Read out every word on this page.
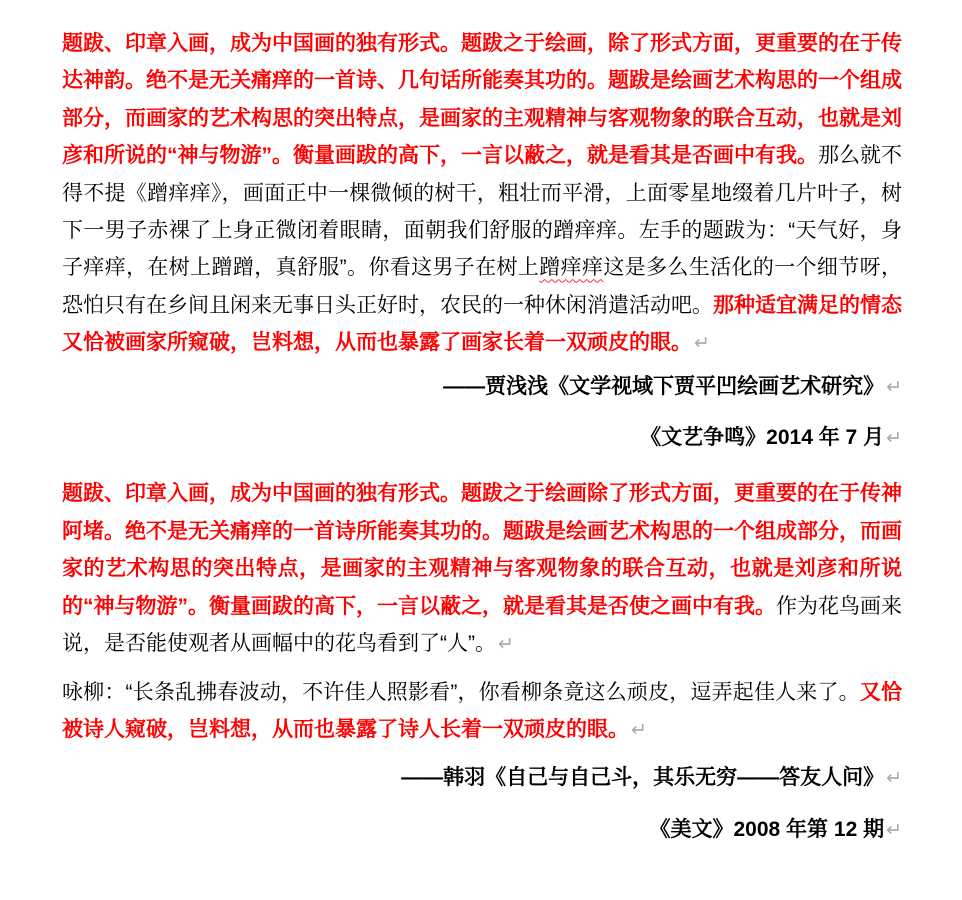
题跋、印章入画，成为中国画的独有形式。题跋之于绘画，除了形式方面，更重要的在于传达神韵。绝不是无关痛痒的一首诗、几句话所能奏其功的。题跋是绘画艺术构思的一个组成部分，而画家的艺术构思的突出特点，是画家的主观精神与客观物象的联合互动，也就是刘彦和所说的“神与物游”。衡量画跋的高下，一言以蔽之，就是看其是否画中有我。那么就不得不提《蹭痒痒》，画面正中一棵微倾的树干，粗壮而平滑，上面零星地缀着几片叶子，树下一男子赤裸了上身正微闭着眼睛，面朝我们舒服的蹭痒痒。左手的题跋为：“天气好，身子痒痒，在树上蹭蹭，真舒服”。你看这男子在树上蹭痒痒这是多么生活化的一个细节呀，恐怕只有在乡间且闲来无事日头正好时，农民的一种休闲消遣活动吧。那种适宜满足的情态又恰被画家所窥破，岂料想，从而也暴露了画家长着一双顽皮的眼。 ↵

——贾浅浅《文学视域下贾平凹绘画艺术研究》 ↵

《文艺争鸣》2014 年 7 月 ↵

题跋、印章入画，成为中国画的独有形式。题跋之于绘画除了形式方面，更重要的在于传神阿堵。绝不是无关痛痒的一首诗所能奏其功的。题跋是绘画艺术构思的一个组成部分，而画家的艺术构思的突出特点，是画家的主观精神与客观物象的联合互动，也就是刘彦和所说的“神与物游”。衡量画跋的高下，一言以蔽之，就是看其是否使之画中有我。作为花鸟画来说，是否能使观者从画幅中的花鸟看到了“人”。 ↵

咏柳：“长条乱拂春波动，不许佳人照影看”，你看柳条竟这么顽皮，逗弄起佳人来了。又恰被诗人窥破，岂料想，从而也暴露了诗人长着一双顽皮的眼。 ↵

——韩羽《自己与自己斗，其乐无穷——答友人问》 ↵

《美文》2008 年第 12 期 ↵
